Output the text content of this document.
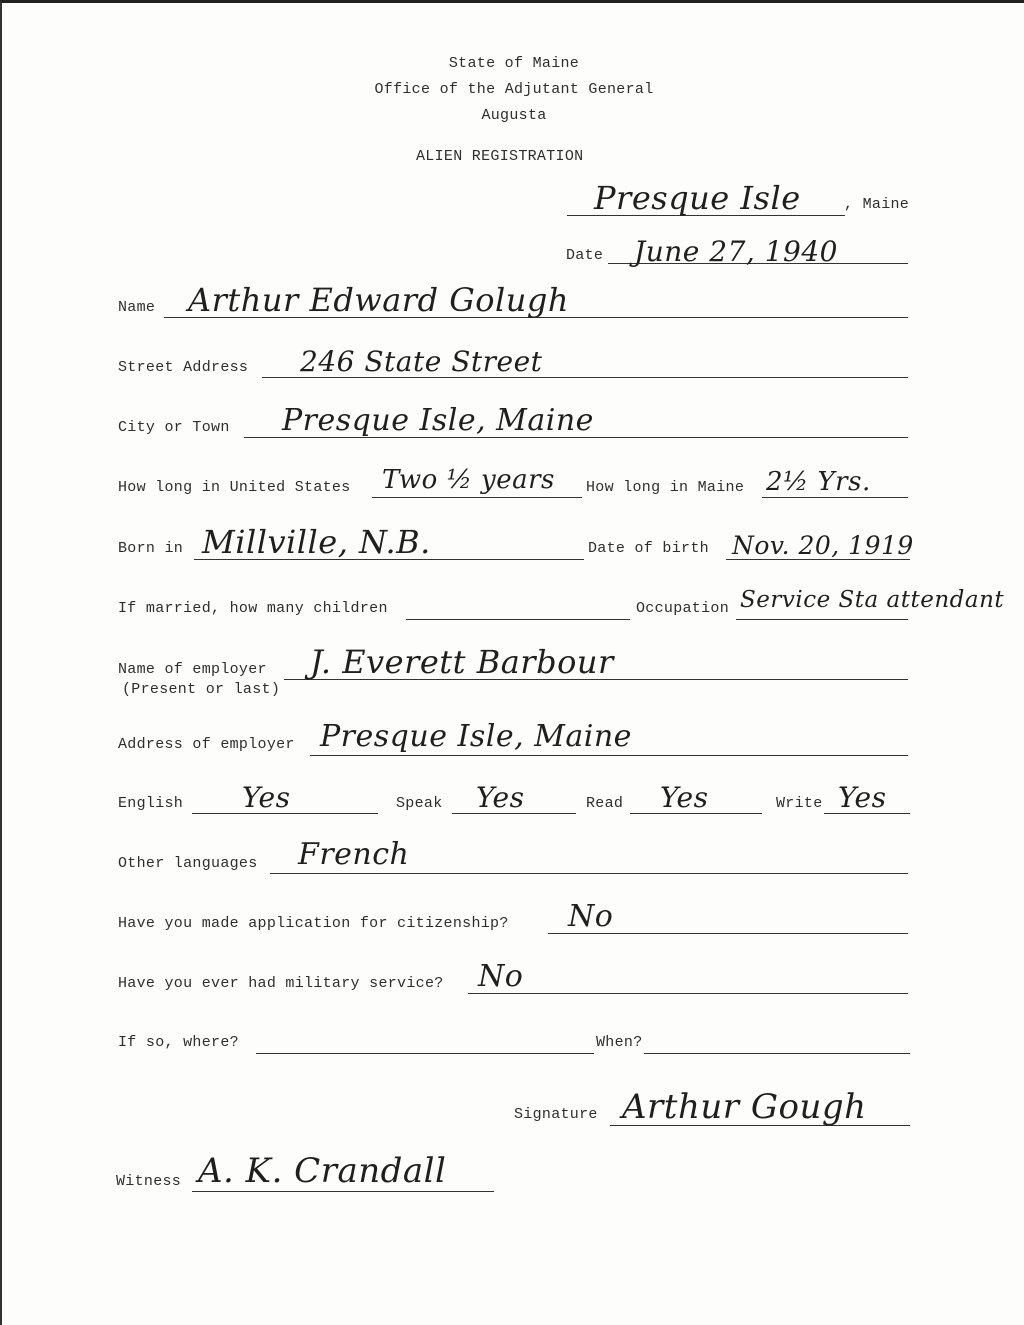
State of Maine
Office of the Adjutant General
Augusta
ALIEN REGISTRATION
Presque Isle	, Maine
Date June 27, 1940
Name Arthur Edward Golugh
Street Address 246 State Street
City or Town Presque Isle, Maine
How long in United States Two ½ years How long in Maine 2½ Yrs.
Born in Millville, N.B.	Date of birth Nov. 20, 1919
If married, how many children	Occupation Service Sta attendant
Name of employer
(Present or last)
J. Everett Barbour
Address of employer Presque Isle, Maine
English Yes	Speak Yes	Read Yes	Write Yes
Other languages French
Have you made application for citizenship? No
Have you ever had military service? No
If so, where?	When?
Signature Arthur Gough
Witness A. K. Crandall
